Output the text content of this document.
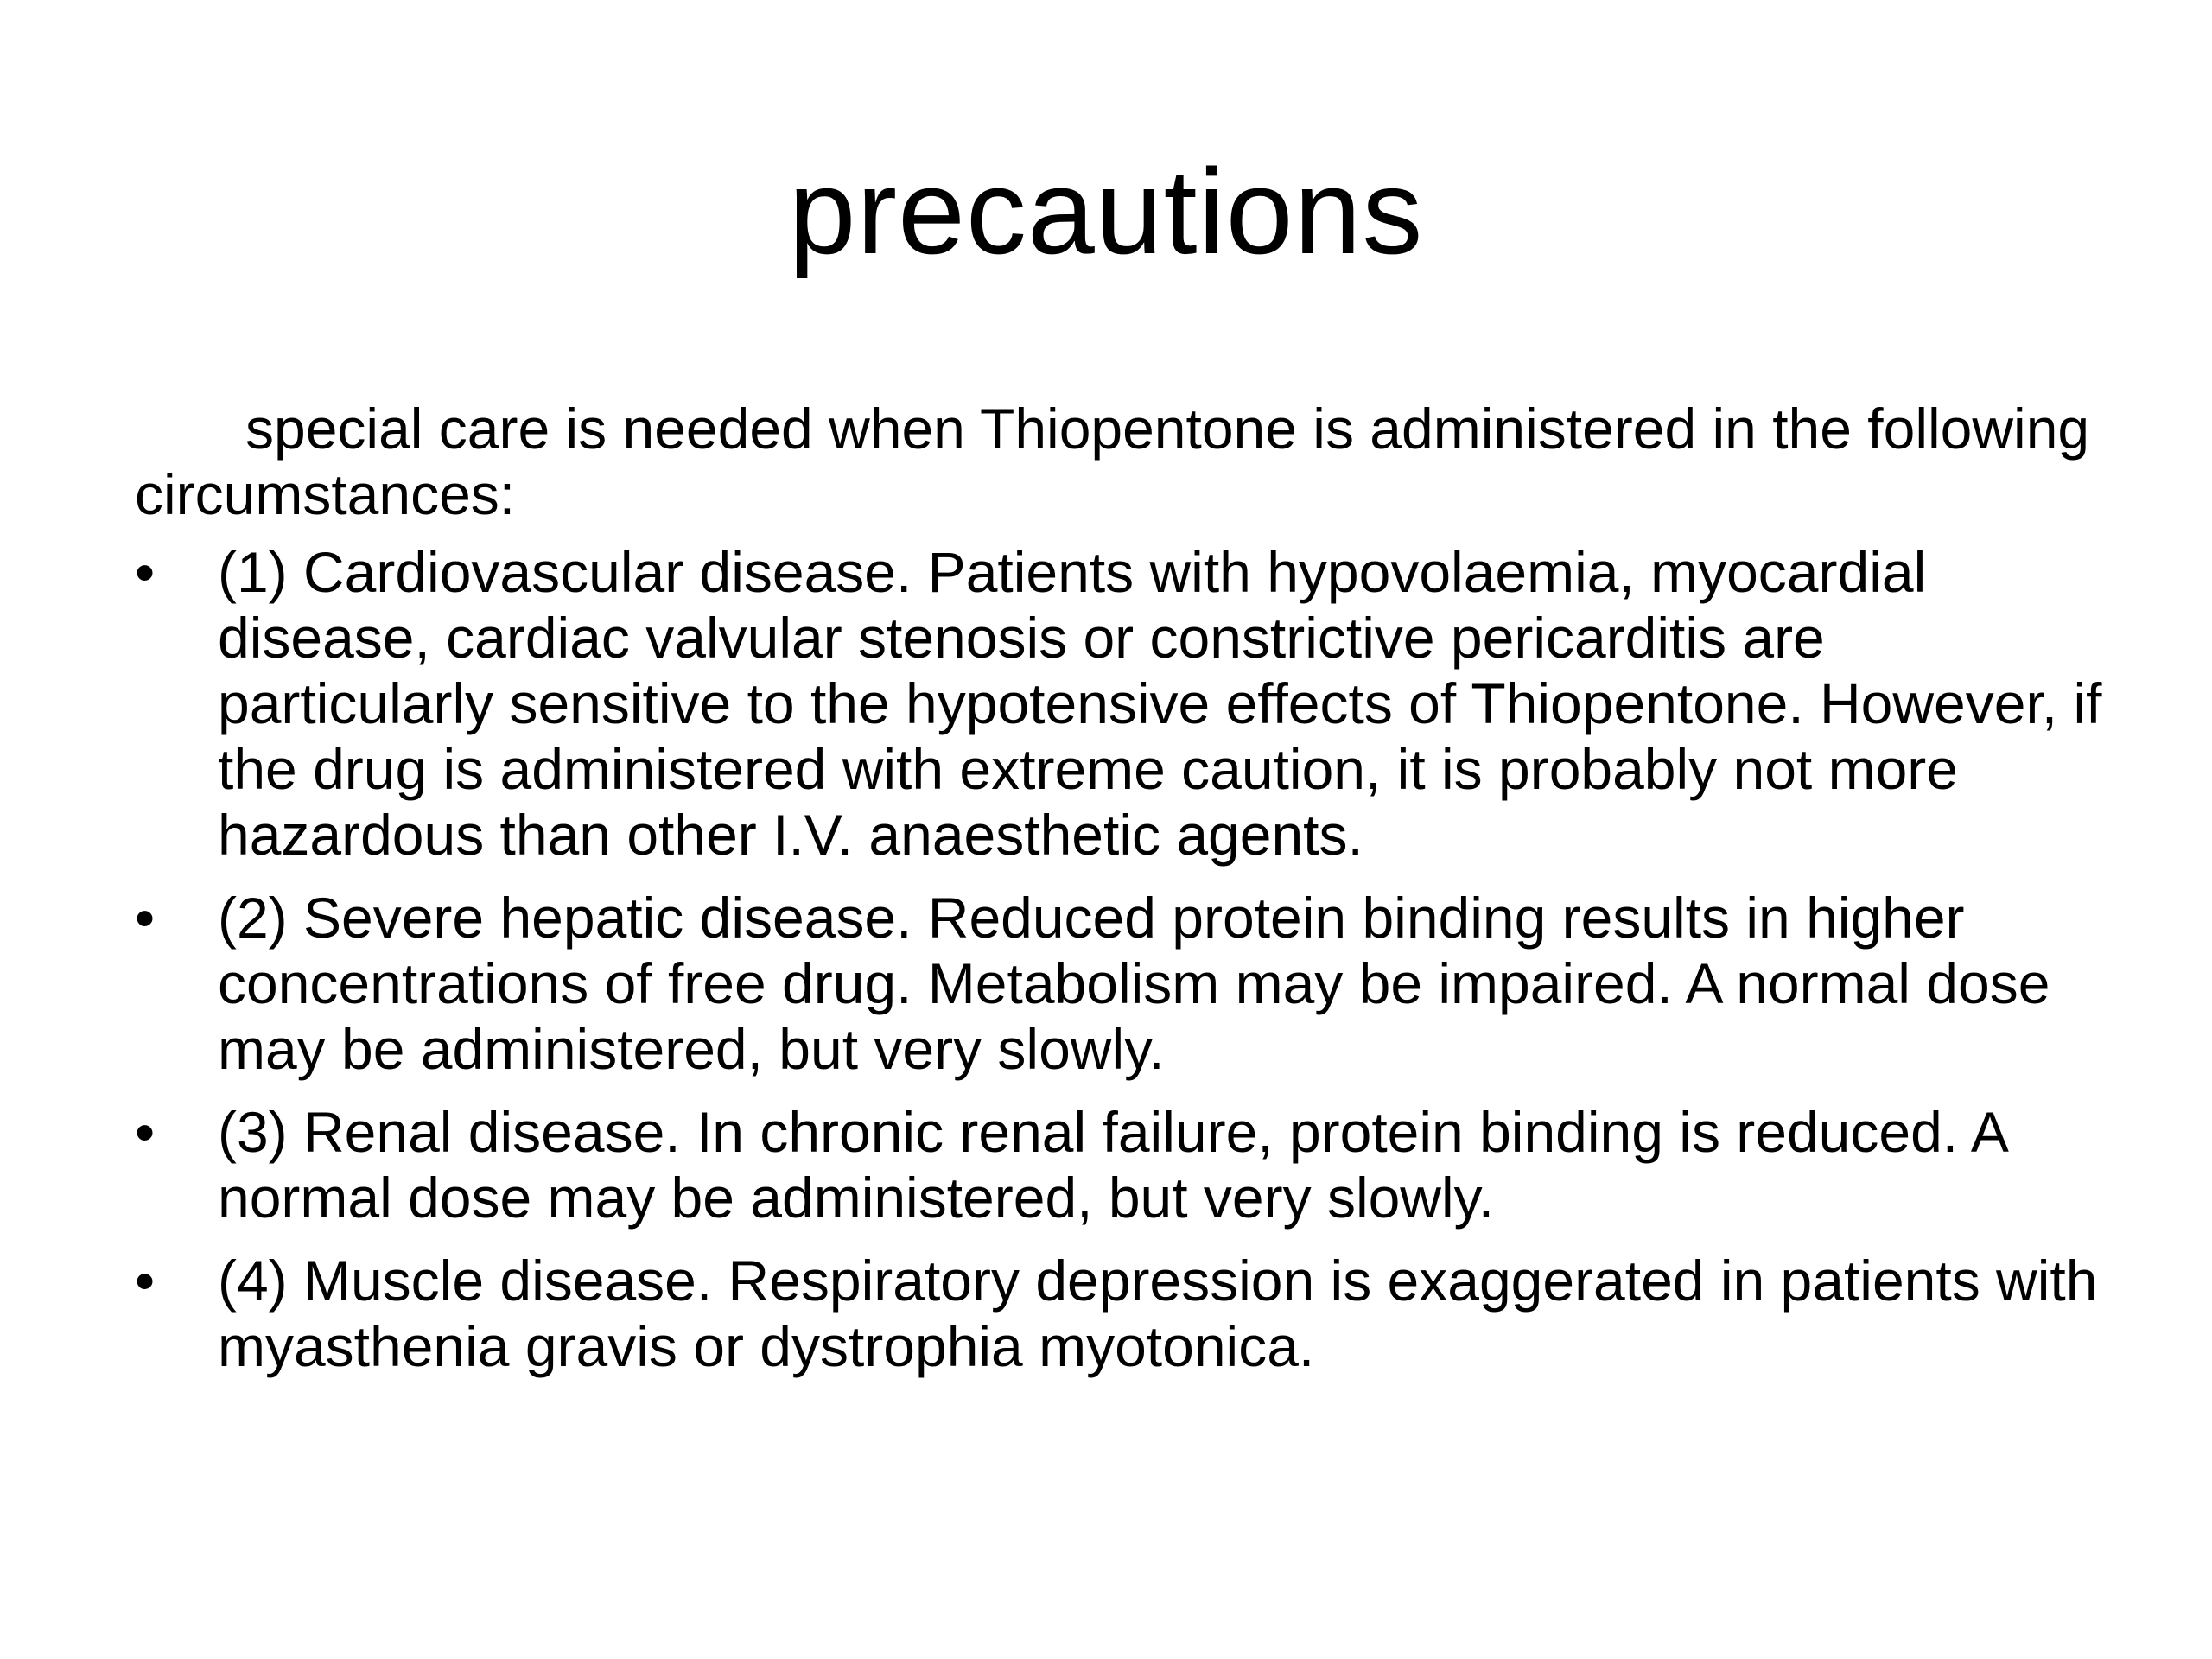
precautions

special care is needed when Thiopentone is administered in the following circumstances:

• (1) Cardiovascular disease. Patients with hypovolaemia, myocardial disease, cardiac valvular stenosis or constrictive pericarditis are particularly sensitive to the hypotensive effects of Thiopentone. However, if the drug is administered with extreme caution, it is probably not more hazardous than other I.V. anaesthetic agents.
• (2) Severe hepatic disease. Reduced protein binding results in higher concentrations of free drug. Metabolism may be impaired. A normal dose may be administered, but very slowly.
• (3) Renal disease. In chronic renal failure, protein binding is reduced. A normal dose may be administered, but very slowly.
• (4) Muscle disease. Respiratory depression is exaggerated in patients with myasthenia gravis or dystrophia myotonica.
